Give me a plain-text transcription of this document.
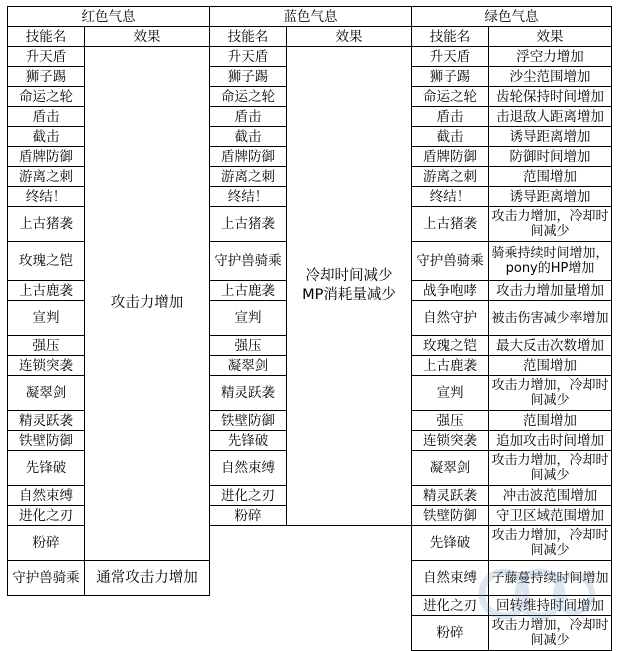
红色气息	
技能名	效果
升天盾	攻击力增加
狮子踢	
命运之轮	
盾击	
截击	
盾牌防御	
游离之刺	
终结！	
上古猪袭	
玫瑰之铠	
上古鹿袭	
宣判	
强压	
连锁突袭	
凝翠剑	
精灵跃袭	
铁壁防御	
先锋破	
自然束缚	
进化之刃	
粉碎	
守护兽骑乘	通常攻击力增加
蓝色气息	
技能名	效果
升天盾	冷却时间减少
MP消耗量减少

狮子踢	
命运之轮	
盾击	
截击	
盾牌防御	
游离之刺	
终结！	
上古猪袭	
守护兽骑乘	
上古鹿袭	
宣判	
强压	
凝翠剑	
精灵跃袭	
铁壁防御	
先锋破	
自然束缚	
进化之刃	
粉碎	
绿色气息	
技能名	效果
升天盾	浮空力增加
狮子踢	沙尘范围增加
命运之轮	齿轮保持时间增加
盾击	击退敌人距离增加
截击	诱导距离增加
盾牌防御	防御时间增加
游离之刺	范围增加
终结！	诱导距离增加
上古猪袭	攻击力增加，冷却时间减少
守护兽骑乘	骑乘持续时间增加，pony的HP增加
战争咆哮	攻击力增加量增加
自然守护	被击伤害减少率增加
玫瑰之铠	最大反击次数增加
上古鹿袭	范围增加
宣判	攻击力增加，冷却时间减少
强压	范围增加
连锁突袭	追加攻击时间增加
凝翠剑	攻击力增加，冷却时间减少
精灵跃袭	冲击波范围增加
铁壁防御	守卫区域范围增加
先锋破	攻击力增加，冷却时间减少
自然束缚	子藤蔓持续时间增加
进化之刃	回转维持时间增加
粉碎	攻击力增加，冷却时间减少
